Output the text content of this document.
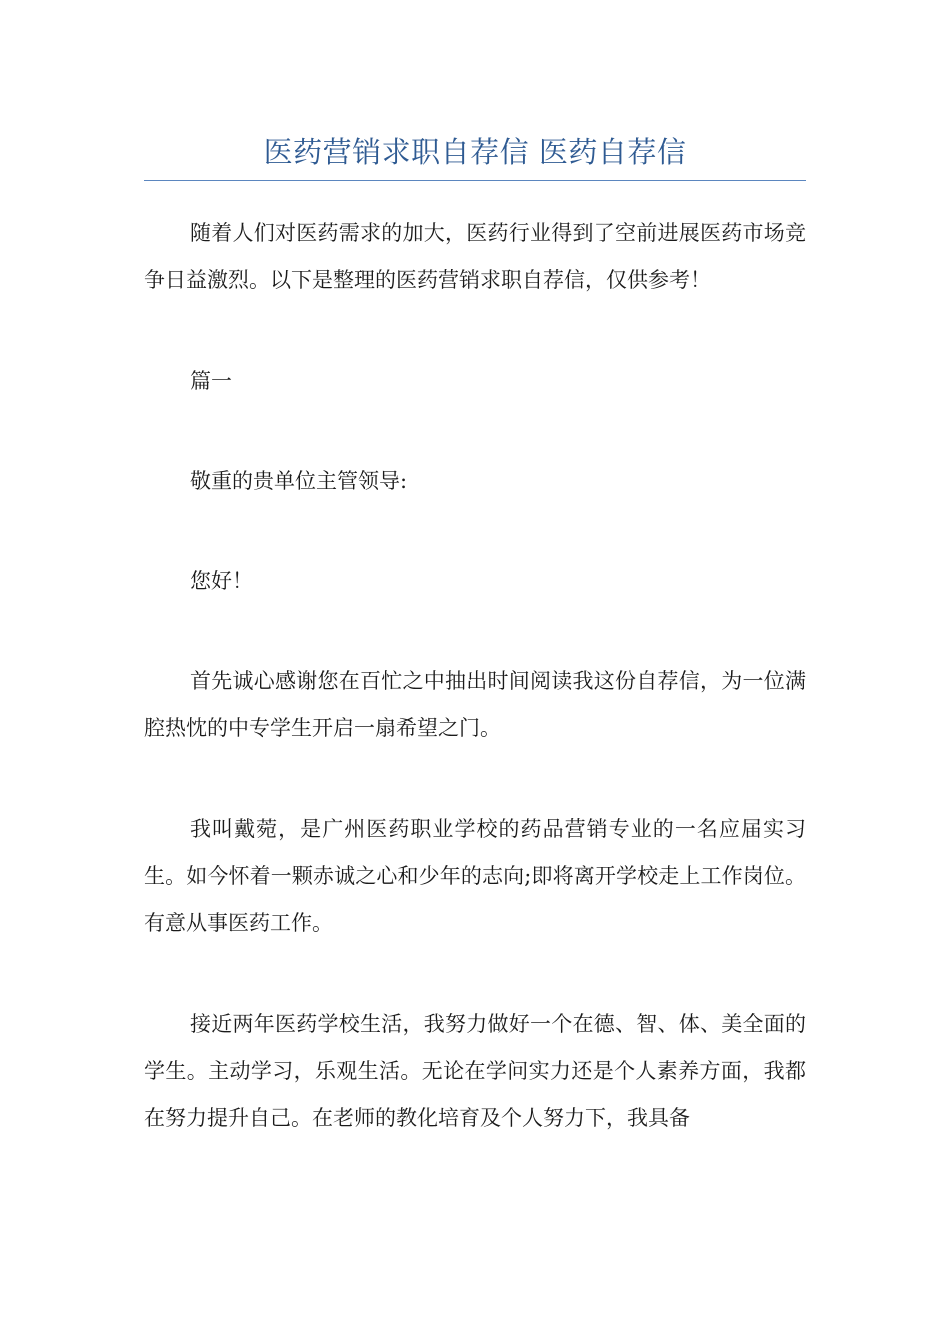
医药营销求职自荐信 医药自荐信

随着人们对医药需求的加大，医药行业得到了空前进展医药市场竞争日益激烈。以下是整理的医药营销求职自荐信，仅供参考！

篇一

敬重的贵单位主管领导:

您好！

首先诚心感谢您在百忙之中抽出时间阅读我这份自荐信，为一位满腔热忱的中专学生开启一扇希望之门。

我叫戴菀，是广州医药职业学校的药品营销专业的一名应届实习生。如今怀着一颗赤诚之心和少年的志向;即将离开学校走上工作岗位。有意从事医药工作。

接近两年医药学校生活，我努力做好一个在德、智、体、美全面的学生。主动学习，乐观生活。无论在学问实力还是个人素养方面，我都在努力提升自己。在老师的教化培育及个人努力下，我具备
